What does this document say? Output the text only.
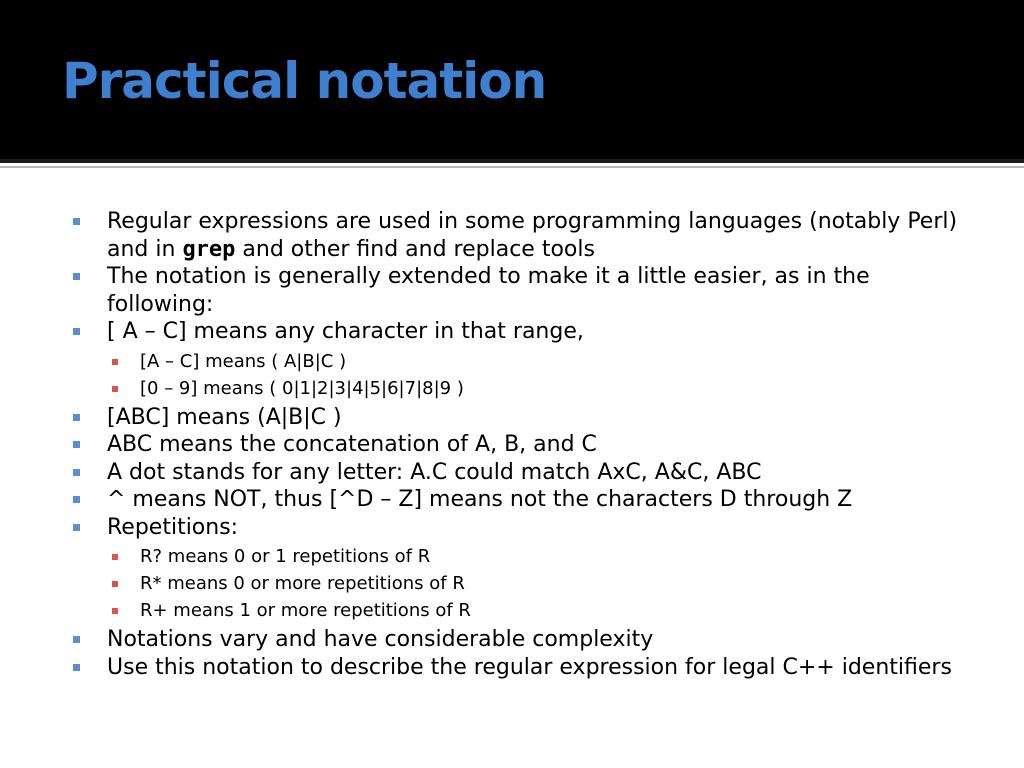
Practical notation
Regular expressions are used in some programming languages (notably Perl) and in grep and other find and replace tools
The notation is generally extended to make it a little easier, as in the following:
[ A – C] means any character in that range,
[A – C] means ( A|B|C )
[0 – 9] means ( 0|1|2|3|4|5|6|7|8|9 )
[ABC] means (A|B|C )
ABC means the concatenation of A, B, and C
A dot stands for any letter: A.C could match AxC, A&C, ABC
^ means NOT, thus [^D – Z] means not the characters D through Z
Repetitions:
R? means 0 or 1 repetitions of R
R* means 0 or more repetitions of R
R+ means 1 or more repetitions of R
Notations vary and have considerable complexity
Use this notation to describe the regular expression for legal C++ identifiers
